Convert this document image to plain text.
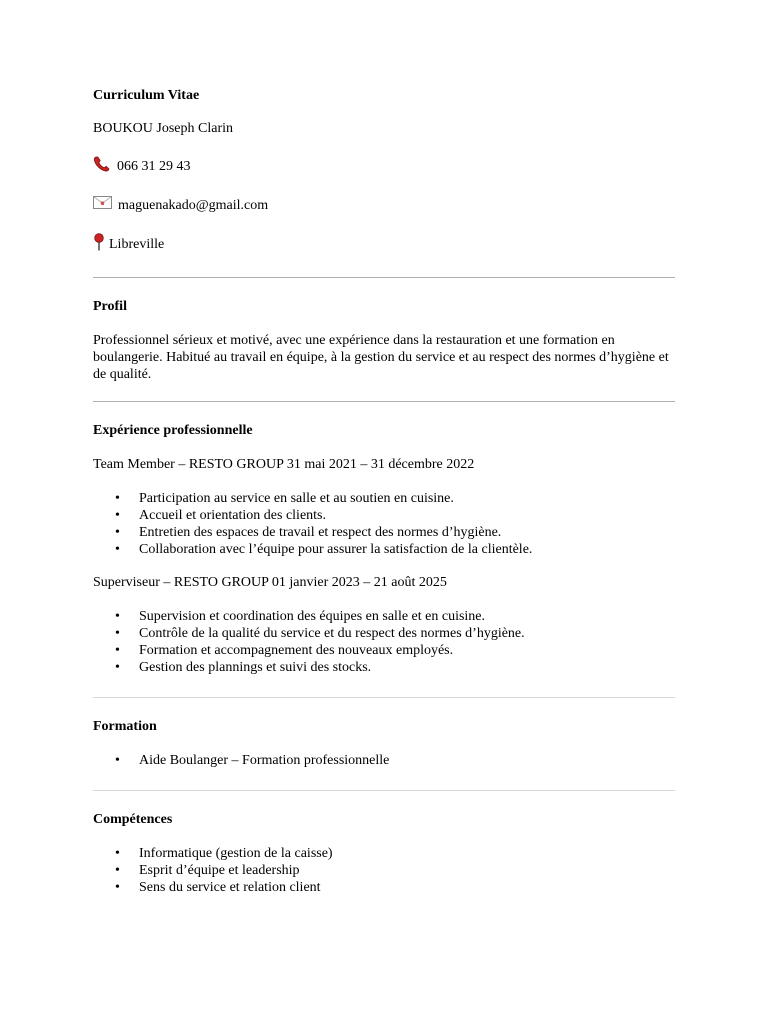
Curriculum Vitae

BOUKOU Joseph Clarin

066 31 29 43
maguenakado@gmail.com
Libreville

Profil

Professionnel sérieux et motivé, avec une expérience dans la restauration et une formation en boulangerie. Habitué au travail en équipe, à la gestion du service et au respect des normes d’hygiène et de qualité.

Expérience professionnelle

Team Member – RESTO GROUP 31 mai 2021 – 31 décembre 2022

• Participation au service en salle et au soutien en cuisine.
• Accueil et orientation des clients.
• Entretien des espaces de travail et respect des normes d’hygiène.
• Collaboration avec l’équipe pour assurer la satisfaction de la clientèle.

Superviseur – RESTO GROUP 01 janvier 2023 – 21 août 2025

• Supervision et coordination des équipes en salle et en cuisine.
• Contrôle de la qualité du service et du respect des normes d’hygiène.
• Formation et accompagnement des nouveaux employés.
• Gestion des plannings et suivi des stocks.

Formation

• Aide Boulanger – Formation professionnelle

Compétences

• Informatique (gestion de la caisse)
• Esprit d’équipe et leadership
• Sens du service et relation client
